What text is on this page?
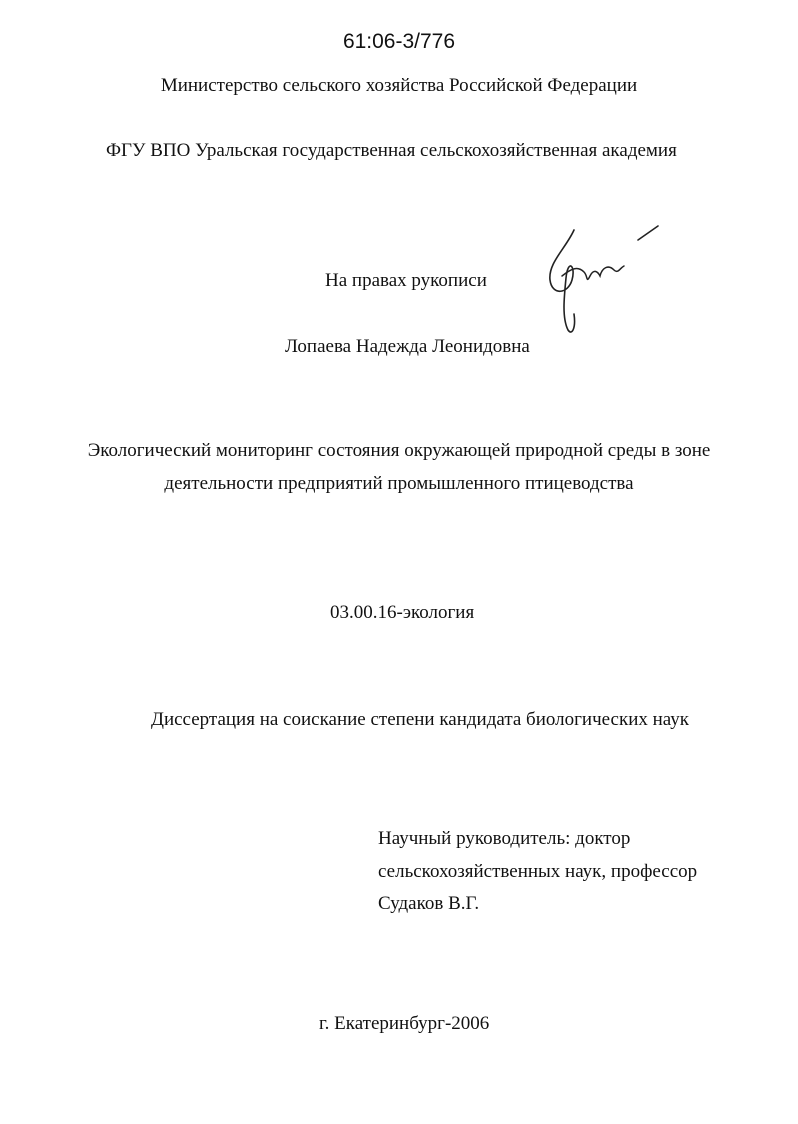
61:06-3/776
Министерство сельского хозяйства Российской Федерации
ФГУ ВПО Уральская государственная сельскохозяйственная академия
На правах рукописи
Лопаева Надежда Леонидовна
Экологический мониторинг состояния окружающей природной среды в зоне
деятельности предприятий промышленного птицеводства
03.00.16-экология
Диссертация на соискание степени кандидата биологических наук
Научный руководитель: доктор
сельскохозяйственных наук, профессор
Судаков В.Г.
г. Екатеринбург-2006
